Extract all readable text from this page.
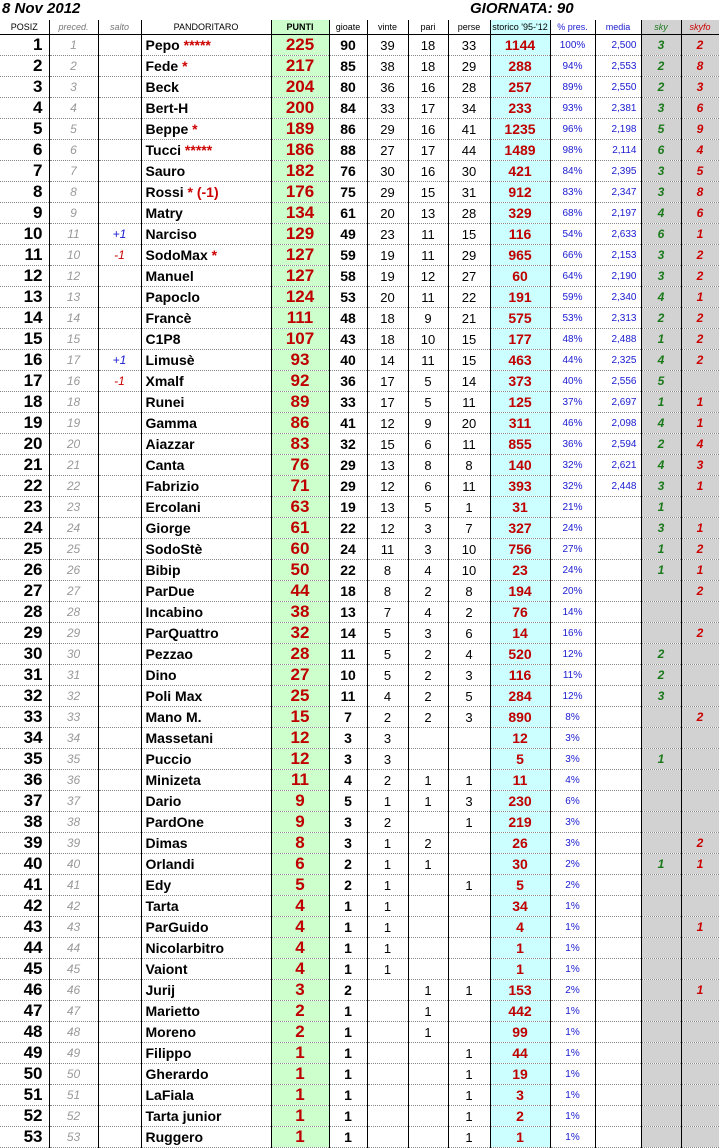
8 Nov 2012	GIORNATA: 90
POSIZ	preced.	salto	PANDORITARO	PUNTI	gioate	vinte	pari	perse	storico '95-'12	% pres.	media	sky	skyfo
1	1		Pepo *****	225	90	39	18	33	1144	100%	2,500	3	2
2	2		Fede *	217	85	38	18	29	288	94%	2,553	2	8
3	3		Beck	204	80	36	16	28	257	89%	2,550	2	3
4	4		Bert-H	200	84	33	17	34	233	93%	2,381	3	6
5	5		Beppe *	189	86	29	16	41	1235	96%	2,198	5	9
6	6		Tucci *****	186	88	27	17	44	1489	98%	2,114	6	4
7	7		Sauro	182	76	30	16	30	421	84%	2,395	3	5
8	8		Rossi * (-1)	176	75	29	15	31	912	83%	2,347	3	8
9	9		Matry	134	61	20	13	28	329	68%	2,197	4	6
10	11	+1	Narciso	129	49	23	11	15	116	54%	2,633	6	1
11	10	-1	SodoMax *	127	59	19	11	29	965	66%	2,153	3	2
12	12		Manuel	127	58	19	12	27	60	64%	2,190	3	2
13	13		Papoclo	124	53	20	11	22	191	59%	2,340	4	1
14	14		Francè	111	48	18	9	21	575	53%	2,313	2	2
15	15		C1P8	107	43	18	10	15	177	48%	2,488	1	2
16	17	+1	Limusè	93	40	14	11	15	463	44%	2,325	4	2
17	16	-1	Xmalf	92	36	17	5	14	373	40%	2,556	5	
18	18		Runei	89	33	17	5	11	125	37%	2,697	1	1
19	19		Gamma	86	41	12	9	20	311	46%	2,098	4	1
20	20		Aiazzar	83	32	15	6	11	855	36%	2,594	2	4
21	21		Canta	76	29	13	8	8	140	32%	2,621	4	3
22	22		Fabrizio	71	29	12	6	11	393	32%	2,448	3	1
23	23		Ercolani	63	19	13	5	1	31	21%		1	
24	24		Giorge	61	22	12	3	7	327	24%		3	1
25	25		SodoStè	60	24	11	3	10	756	27%		1	2
26	26		Bibip	50	22	8	4	10	23	24%		1	1
27	27		ParDue	44	18	8	2	8	194	20%			2
28	28		Incabino	38	13	7	4	2	76	14%			
29	29		ParQuattro	32	14	5	3	6	14	16%			2
30	30		Pezzao	28	11	5	2	4	520	12%		2	
31	31		Dino	27	10	5	2	3	116	11%		2	
32	32		Poli Max	25	11	4	2	5	284	12%		3	
33	33		Mano M.	15	7	2	2	3	890	8%			2
34	34		Massetani	12	3	3			12	3%			
35	35		Puccio	12	3	3			5	3%		1	
36	36		Minizeta	11	4	2	1	1	11	4%			
37	37		Dario	9	5	1	1	3	230	6%			
38	38		PardOne	9	3	2		1	219	3%			
39	39		Dimas	8	3	1	2		26	3%			2
40	40		Orlandi	6	2	1	1		30	2%		1	1
41	41		Edy	5	2	1		1	5	2%			
42	42		Tarta	4	1	1			34	1%			
43	43		ParGuido	4	1	1			4	1%			1
44	44		Nicolarbitro	4	1	1			1	1%			
45	45		Vaiont	4	1	1			1	1%			
46	46		Jurij	3	2		1	1	153	2%			1
47	47		Marietto	2	1		1		442	1%			
48	48		Moreno	2	1		1		99	1%			
49	49		Filippo	1	1			1	44	1%			
50	50		Gherardo	1	1			1	19	1%			
51	51		LaFiala	1	1			1	3	1%			
52	52		Tarta junior	1	1			1	2	1%			
53	53		Ruggero	1	1			1	1	1%			
